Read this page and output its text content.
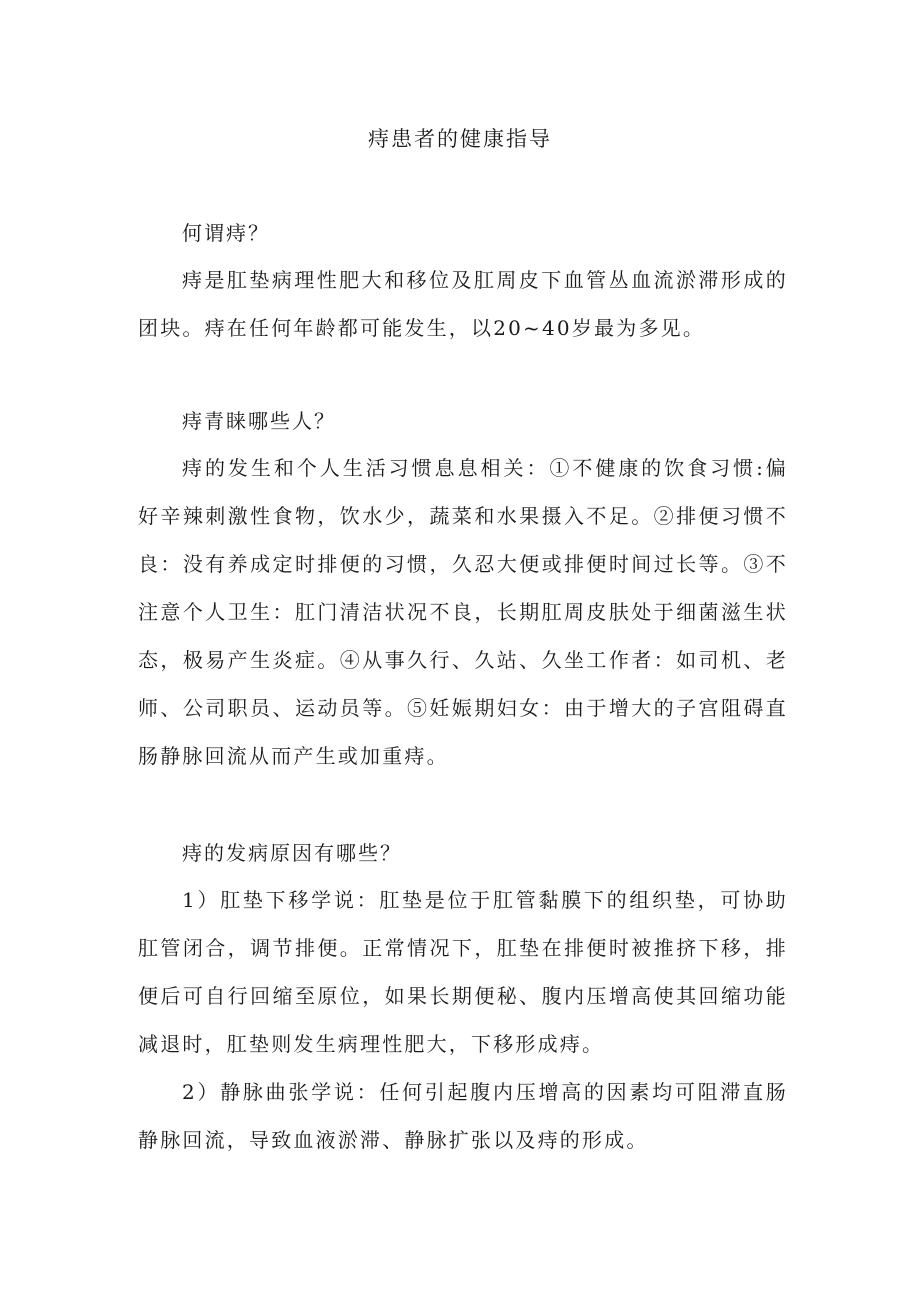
痔患者的健康指导
何谓痔？

痔是肛垫病理性肥大和移位及肛周皮下血管丛血流淤滞形成的团块。痔在任何年龄都可能发生，以20~40岁最为多见。

痔青睐哪些人？

痔的发生和个人生活习惯息息相关：①不健康的饮食习惯:偏好辛辣刺激性食物，饮水少，蔬菜和水果摄入不足。②排便习惯不良：没有养成定时排便的习惯，久忍大便或排便时间过长等。③不注意个人卫生：肛门清洁状况不良，长期肛周皮肤处于细菌滋生状态，极易产生炎症。④从事久行、久站、久坐工作者：如司机、老师、公司职员、运动员等。⑤妊娠期妇女：由于增大的子宫阻碍直肠静脉回流从而产生或加重痔。

痔的发病原因有哪些？

1）肛垫下移学说：肛垫是位于肛管黏膜下的组织垫，可协助肛管闭合，调节排便。正常情况下，肛垫在排便时被推挤下移，排便后可自行回缩至原位，如果长期便秘、腹内压增高使其回缩功能减退时，肛垫则发生病理性肥大，下移形成痔。

2）静脉曲张学说：任何引起腹内压增高的因素均可阻滞直肠静脉回流，导致血液淤滞、静脉扩张以及痔的形成。
